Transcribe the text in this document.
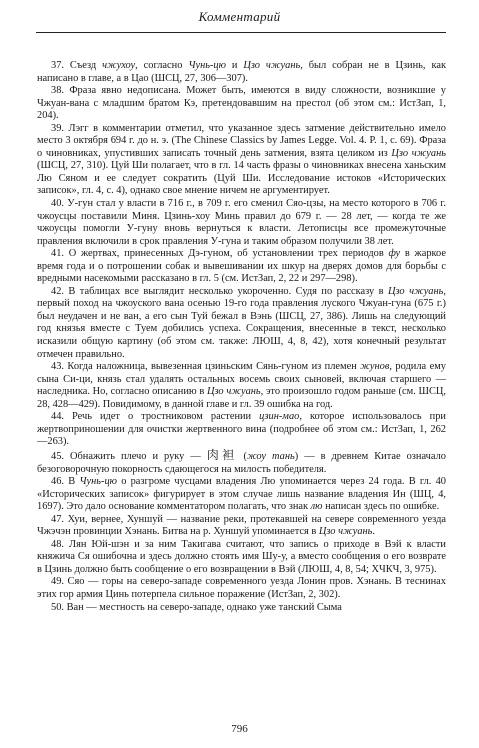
Комментарий

37. Съезд чжухоу, согласно Чунь-цю и Цзо чжуань, был собран не в Цзинь, как написано в главе, а в Цао (ШСЦ, 27, 306—307).

38. Фраза явно недописана. Может быть, имеются в виду сложности, возникшие у Чжуан-вана с младшим братом Кэ, претендовавшим на престол (об этом см.: ИстЗап, 1, 204).

39. Лэгг в комментарии отметил, что указанное здесь затмение действительно имело место 3 октября 694 г. до н. э. (The Chinese Classics by James Legge. Vol. 4. P. 1, с. 69). Фраза о чиновниках, упустивших записать точный день затмения, взята целиком из Цзо чжуань (ШСЦ, 27, 310). Цуй Ши полагает, что в гл. 14 часть фразы о чиновниках внесена ханьским Лю Сяном и ее следует сократить (Цуй Ши. Исследование истоков «Исторических записок», гл. 4, с. 4), однако свое мнение ничем не аргументирует.

40. У-гун стал у власти в 716 г., в 709 г. его сменил Сяо-цзы, на место которого в 706 г. чжоусцы поставили Миня. Цзинь-хоу Минь правил до 679 г. — 28 лет, — когда те же чжоусцы помогли У-гуну вновь вернуться к власти. Летописцы все промежуточные правления включили в срок правления У-гуна и таким образом получили 38 лет.

41. О жертвах, принесенных Дэ-гуном, об установлении трех периодов фу в жаркое время года и о потрошении собак и вывешивании их шкур на дверях домов для борьбы с вредными насекомыми рассказано в гл. 5 (см. ИстЗап, 2, 22 и 297—298).

42. В таблицах все выглядит несколько укороченно. Судя по рассказу в Цзо чжуань, первый поход на чжоуского вана осенью 19-го года правления луского Чжуан-гуна (675 г.) был неудачен и не ван, а его сын Туй бежал в Вэнь (ШСЦ, 27, 386). Лишь на следующий год князья вместе с Туем добились успеха. Сокращения, внесенные в текст, несколько исказили общую картину (об этом см. также: ЛЮШ, 4, 8, 42), хотя конечный результат отмечен правильно.

43. Когда наложница, вывезенная цзиньским Сянь-гуном из племен жунов, родила ему сына Си-ци, князь стал удалять остальных восемь своих сыновей, включая старшего — наследника. Но, согласно описанию в Цзо чжуань, это произошло годом раньше (см. ШСЦ, 28, 428—429). Повидимому, в данной главе и гл. 39 ошибка на год.

44. Речь идет о тростниковом растении цзин-мао, которое использовалось при жертвоприношении для очистки жертвенного вина (подробнее об этом см.: ИстЗап, 1, 262—263).

45. Обнажить плечо и руку — 肉袒 (жоу тань) — в древнем Китае означало безоговорочную покорность сдающегося на милость победителя.

46. В Чунь-цю о разгроме чусцами владения Лю упоминается через 24 года. В гл. 40 «Исторических записок» фигурирует в этом случае лишь название владения Ин (ШЦ, 4, 1697). Это дало основание комментатором полагать, что знак лю написан здесь по ошибке.

47. Хуи, вернее, Хуншуй — название реки, протекавшей на севере современного уезда Чжэчэн провинции Хэнань. Битва на р. Хуншуй упоминается в Цзо чжуань.

48. Лян Юй-шэн и за ним Такигава считают, что запись о приходе в Вэй к власти княжича Ся ошибочна и здесь должно стоять имя Шу-у, а вместо сообщения о его возврате в Цзинь должно быть сообщение о его возвращении в Вэй (ЛЮШ, 4, 8, 54; ХЧКЧ, 3, 975).

49. Сяо — горы на северо-западе современного уезда Лонин пров. Хэнань. В теснинах этих гор армия Цинь потерпела сильное поражение (ИстЗап, 2, 302).

50. Ван — местность на северо-западе, однако уже танский Сыма

796
